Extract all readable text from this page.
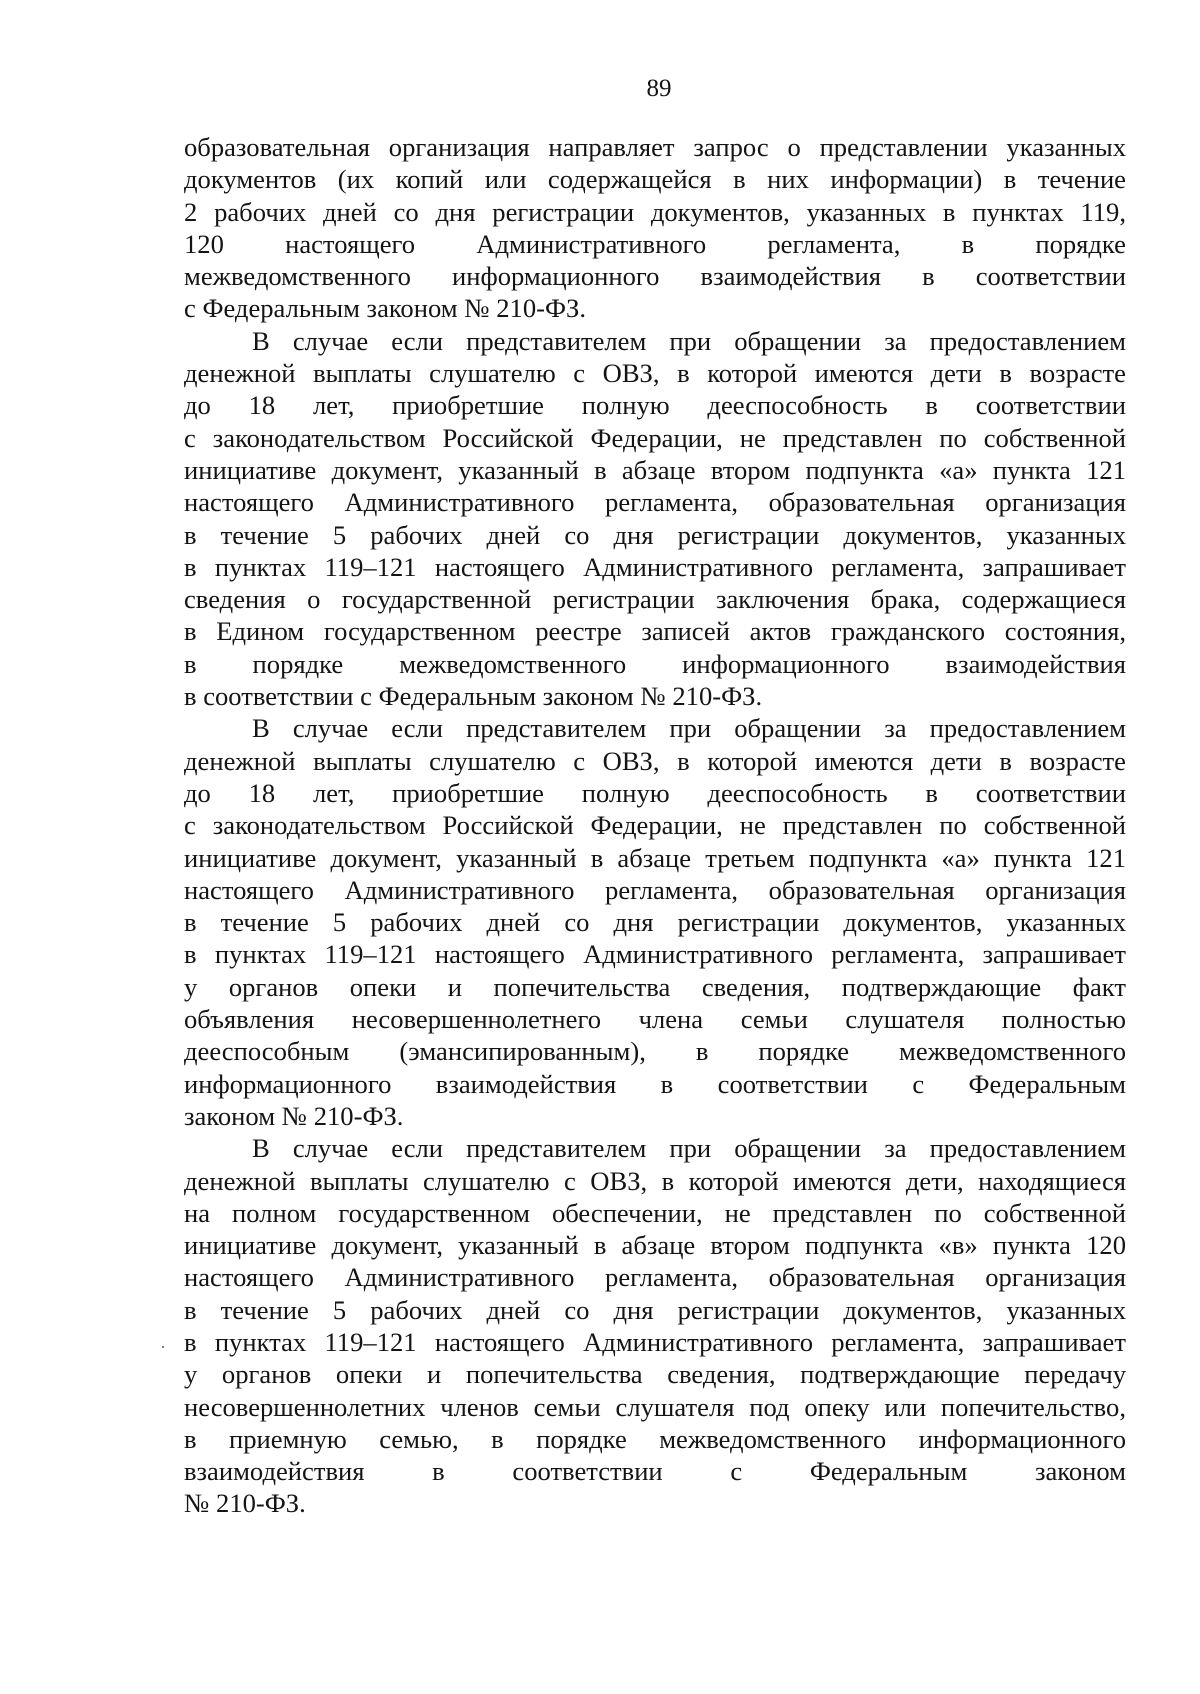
89

образовательная организация направляет запрос о представлении указанных
документов (их копий или содержащейся в них информации) в течение
2 рабочих дней со дня регистрации документов, указанных в пунктах 119,
120 настоящего Административного регламента, в порядке
межведомственного информационного взаимодействия в соответствии
с Федеральным законом № 210-ФЗ.

В случае если представителем при обращении за предоставлением
денежной выплаты слушателю с ОВЗ, в которой имеются дети в возрасте
до 18 лет, приобретшие полную дееспособность в соответствии
с законодательством Российской Федерации, не представлен по собственной
инициативе документ, указанный в абзаце втором подпункта «а» пункта 121
настоящего Административного регламента, образовательная организация
в течение 5 рабочих дней со дня регистрации документов, указанных
в пунктах 119–121 настоящего Административного регламента, запрашивает
сведения о государственной регистрации заключения брака, содержащиеся
в Едином государственном реестре записей актов гражданского состояния,
в порядке межведомственного информационного взаимодействия
в соответствии с Федеральным законом № 210-ФЗ.

В случае если представителем при обращении за предоставлением
денежной выплаты слушателю с ОВЗ, в которой имеются дети в возрасте
до 18 лет, приобретшие полную дееспособность в соответствии
с законодательством Российской Федерации, не представлен по собственной
инициативе документ, указанный в абзаце третьем подпункта «а» пункта 121
настоящего Административного регламента, образовательная организация
в течение 5 рабочих дней со дня регистрации документов, указанных
в пунктах 119–121 настоящего Административного регламента, запрашивает
у органов опеки и попечительства сведения, подтверждающие факт
объявления несовершеннолетнего члена семьи слушателя полностью
дееспособным (эмансипированным), в порядке межведомственного
информационного взаимодействия в соответствии с Федеральным
законом № 210-ФЗ.

В случае если представителем при обращении за предоставлением
денежной выплаты слушателю с ОВЗ, в которой имеются дети, находящиеся
на полном государственном обеспечении, не представлен по собственной
инициативе документ, указанный в абзаце втором подпункта «в» пункта 120
настоящего Административного регламента, образовательная организация
в течение 5 рабочих дней со дня регистрации документов, указанных
в пунктах 119–121 настоящего Административного регламента, запрашивает
у органов опеки и попечительства сведения, подтверждающие передачу
несовершеннолетних членов семьи слушателя под опеку или попечительство,
в приемную семью, в порядке межведомственного информационного
взаимодействия в соответствии с Федеральным законом
№ 210-ФЗ.
